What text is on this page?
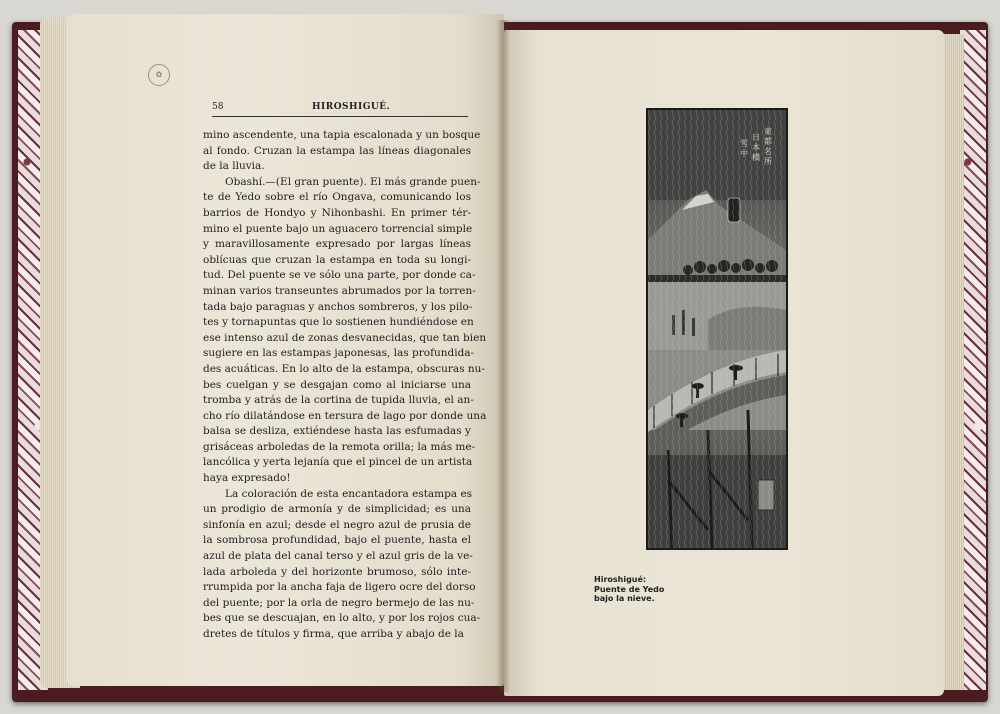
✿
58	HIROSHIGUÉ.
mino ascendente, una tapia escalonada y un bosque
al fondo. Cruzan la estampa las líneas diagonales
de la lluvia.
Obashí.—(El gran puente). El más grande puen-
te de Yedo sobre el río Ongava, comunicando los
barrios de Hondyo y Nihonbashi. En primer tér-
mino el puente bajo un aguacero torrencial simple
y maravillosamente expresado por largas líneas
oblícuas que cruzan la estampa en toda su longi-
tud. Del puente se ve sólo una parte, por donde ca-
minan varios transeuntes abrumados por la torren-
tada bajo paraguas y anchos sombreros, y los pilo-
tes y tornapuntas que lo sostienen hundiéndose en
ese intenso azul de zonas desvanecidas, que tan bien
sugiere en las estampas japonesas, las profundida-
des acuáticas. En lo alto de la estampa, obscuras nu-
bes cuelgan y se desgajan como al iniciarse una
tromba y atrás de la cortina de tupida lluvia, el an-
cho río dilatándose en tersura de lago por donde una
balsa se desliza, extiéndese hasta las esfumadas y
grisáceas arboledas de la remota orilla; la más me-
lancólica y yerta lejanía que el pincel de un artista
haya expresado!
La coloración de esta encantadora estampa es
un prodigio de armonía y de simplicidad; es una
sinfonía en azul; desde el negro azul de prusia de
la sombrosa profundidad, bajo el puente, hasta el
azul de plata del canal terso y el azul gris de la ve-
lada arboleda y del horizonte brumoso, sólo inte-
rrumpida por la ancha faja de ligero ocre del dorso
del puente; por la orla de negro bermejo de las nu-
bes que se descuajan, en lo alto, y por los rojos cua-
dretes de títulos y firma, que arriba y abajo de la
Hiroshigué:
Puente de Yedo
bajo la nieve.
